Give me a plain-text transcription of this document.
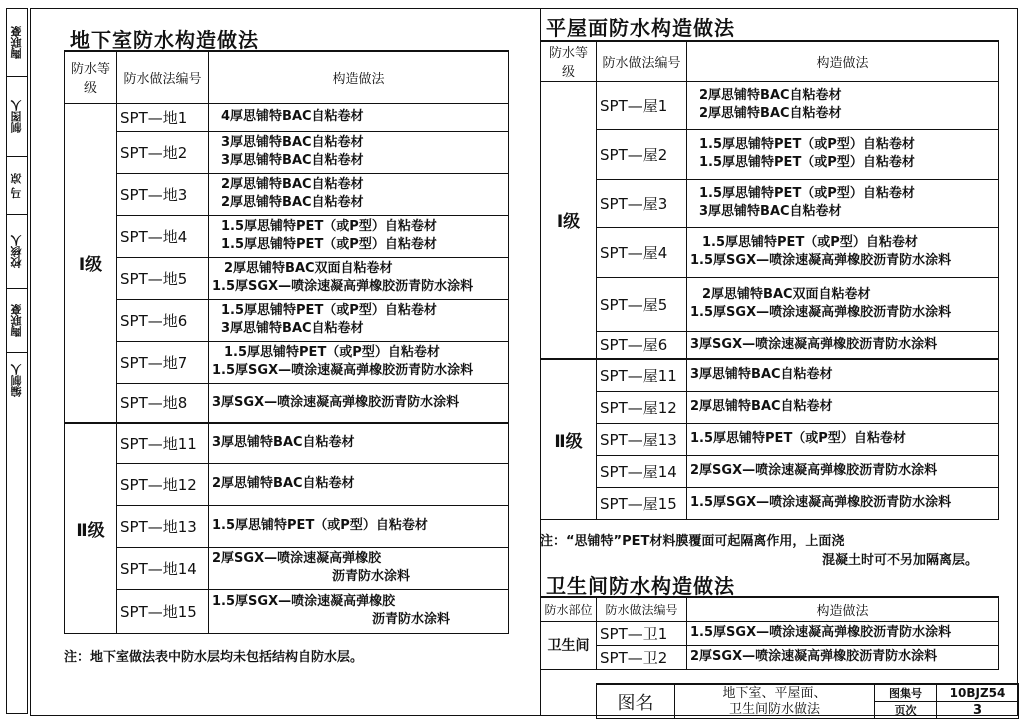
陶联豪
制图人
马 凉
校核人
陶联豪
编制人
地下室防水构造做法
防水等级	防水做法编号	构造做法
Ⅰ级	SPT—地1	4厚思铺特BAC自粘卷材

	SPT—地2	3厚思铺特BAC自粘卷材
3厚思铺特BAC自粘卷材

	SPT—地3	2厚思铺特BAC自粘卷材
2厚思铺特BAC自粘卷材

	SPT—地4	1.5厚思铺特PET（或P型）自粘卷材
1.5厚思铺特PET（或P型）自粘卷材

	SPT—地5	2厚思铺特BAC双面自粘卷材
1.5厚SGX—喷涂速凝高弹橡胶沥青防水涂料

	SPT—地6	1.5厚思铺特PET（或P型）自粘卷材
3厚思铺特BAC自粘卷材

	SPT—地7	1.5厚思铺特PET（或P型）自粘卷材
1.5厚SGX—喷涂速凝高弹橡胶沥青防水涂料

	SPT—地8	3厚SGX—喷涂速凝高弹橡胶沥青防水涂料

Ⅱ级	SPT—地11	3厚思铺特BAC自粘卷材

	SPT—地12	2厚思铺特BAC自粘卷材

	SPT—地13	1.5厚思铺特PET（或P型）自粘卷材

	SPT—地14	2厚SGX—喷涂速凝高弹橡胶
沥青防水涂料

	SPT—地15	1.5厚SGX—喷涂速凝高弹橡胶
沥青防水涂料
注：地下室做法表中防水层均未包括结构自防水层。
平屋面防水构造做法
防水等级	防水做法编号	构造做法
Ⅰ级	SPT—屋1	2厚思铺特BAC自粘卷材
2厚思铺特BAC自粘卷材

	SPT—屋2	1.5厚思铺特PET（或P型）自粘卷材
1.5厚思铺特PET（或P型）自粘卷材

	SPT—屋3	1.5厚思铺特PET（或P型）自粘卷材
3厚思铺特BAC自粘卷材

	SPT—屋4	1.5厚思铺特PET（或P型）自粘卷材
1.5厚SGX—喷涂速凝高弹橡胶沥青防水涂料

	SPT—屋5	2厚思铺特BAC双面自粘卷材
1.5厚SGX—喷涂速凝高弹橡胶沥青防水涂料

	SPT—屋6	3厚SGX—喷涂速凝高弹橡胶沥青防水涂料

Ⅱ级	SPT—屋11	3厚思铺特BAC自粘卷材

	SPT—屋12	2厚思铺特BAC自粘卷材

	SPT—屋13	1.5厚思铺特PET（或P型）自粘卷材

	SPT—屋14	2厚SGX—喷涂速凝高弹橡胶沥青防水涂料

	SPT—屋15	1.5厚SGX—喷涂速凝高弹橡胶沥青防水涂料
注：“思铺特”PET材料膜覆面可起隔离作用，上面浇
混凝土时可不另加隔离层。
卫生间防水构造做法
防水部位	防水做法编号	构造做法
卫生间	SPT—卫1	1.5厚SGX—喷涂速凝高弹橡胶沥青防水涂料

	SPT—卫2	2厚SGX—喷涂速凝高弹橡胶沥青防水涂料
图名	地下室、平屋面、
卫生间防水做法	图集号	10BJZ54
		页次	3
